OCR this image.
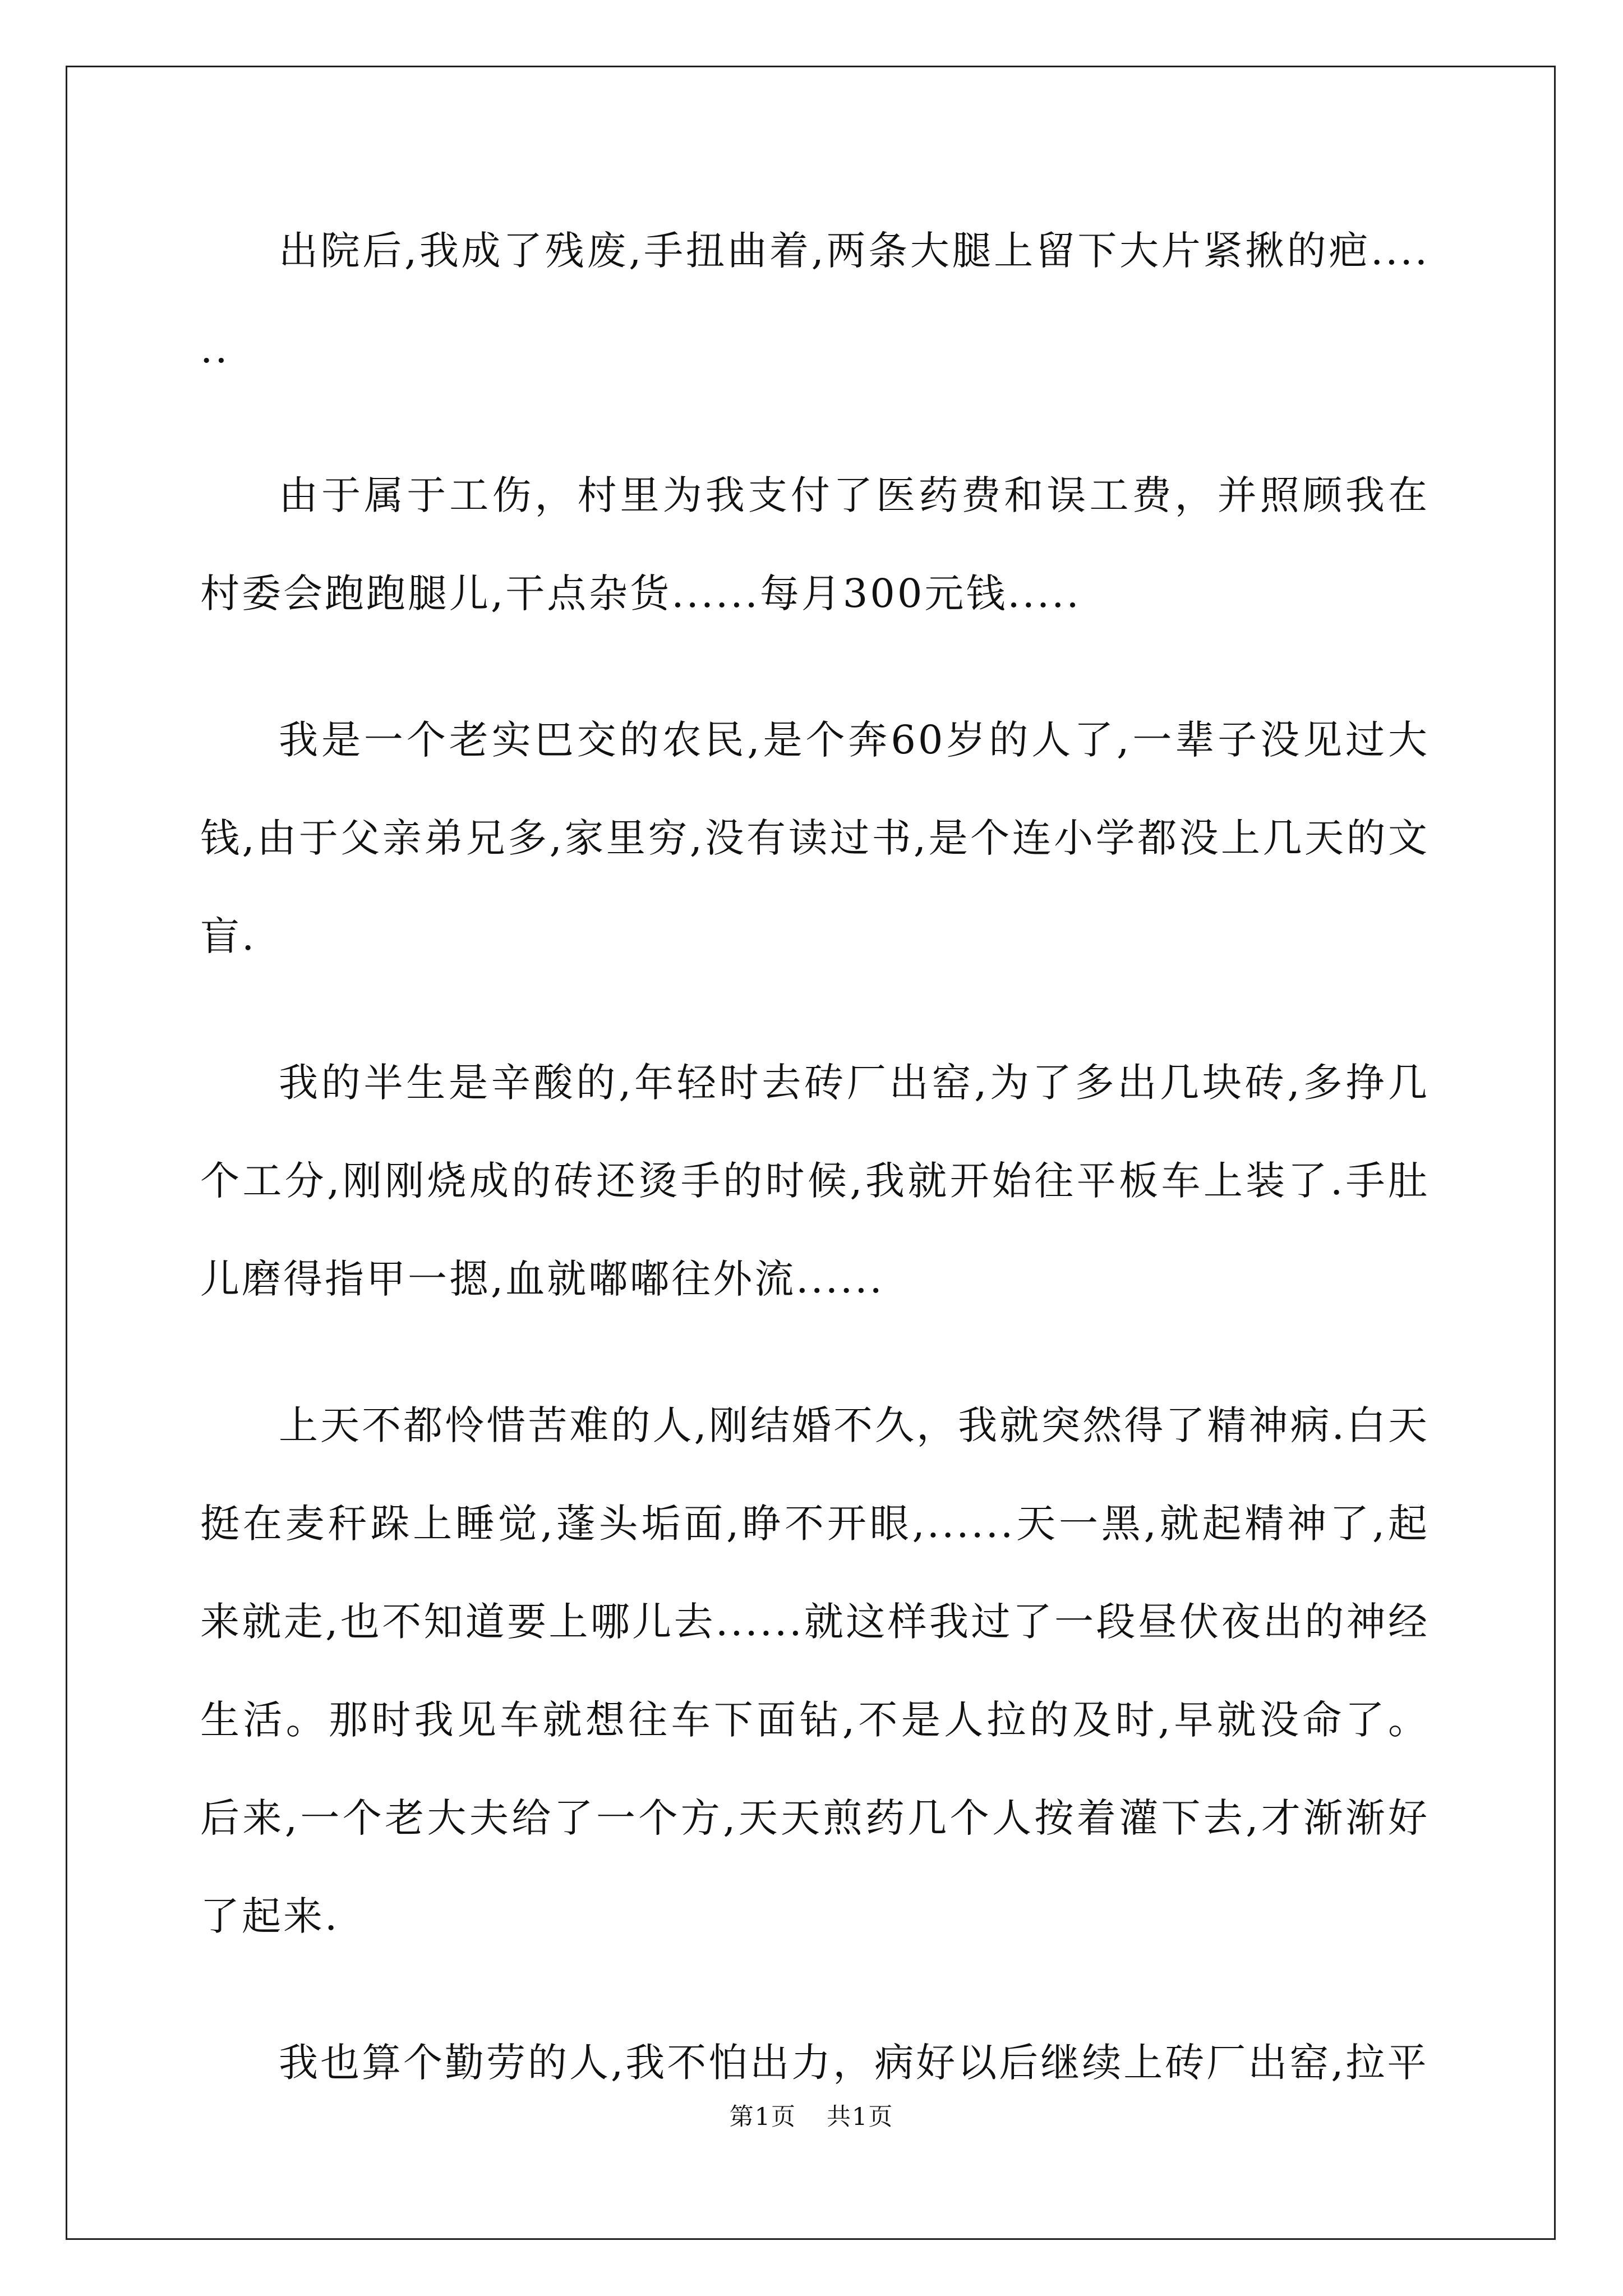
出院后,我成了残废,手扭曲着,两条大腿上留下大片紧揪的疤......

由于属于工伤，村里为我支付了医药费和误工费，并照顾我在村委会跑跑腿儿,干点杂货......每月300元钱.....

我是一个老实巴交的农民,是个奔60岁的人了,一辈子没见过大钱,由于父亲弟兄多,家里穷,没有读过书,是个连小学都没上几天的文盲.

我的半生是辛酸的,年轻时去砖厂出窑,为了多出几块砖,多挣几个工分,刚刚烧成的砖还烫手的时候,我就开始往平板车上装了.手肚儿磨得指甲一摁,血就嘟嘟往外流......

上天不都怜惜苦难的人,刚结婚不久，我就突然得了精神病.白天挺在麦秆跺上睡觉,蓬头垢面,睁不开眼,......天一黑,就起精神了,起来就走,也不知道要上哪儿去......就这样我过了一段昼伏夜出的神经生活。那时我见车就想往车下面钻,不是人拉的及时,早就没命了。后来,一个老大夫给了一个方,天天煎药几个人按着灌下去,才渐渐好了起来.

我也算个勤劳的人,我不怕出力，病好以后继续上砖厂出窑,拉平

第1页 共1页
